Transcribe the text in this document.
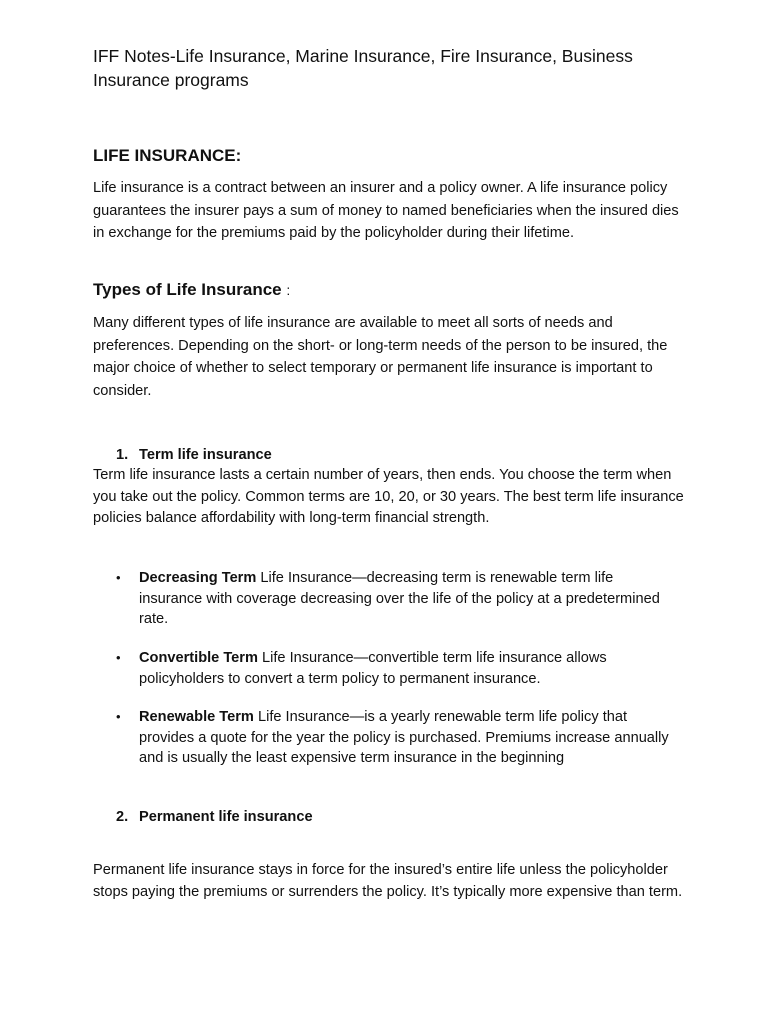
IFF Notes-Life Insurance, Marine Insurance, Fire Insurance, Business Insurance programs
LIFE INSURANCE:
Life insurance is a contract between an insurer and a policy owner. A life insurance policy guarantees the insurer pays a sum of money to named beneficiaries when the insured dies in exchange for the premiums paid by the policyholder during their lifetime.
Types of Life Insurance :
Many different types of life insurance are available to meet all sorts of needs and preferences. Depending on the short- or long-term needs of the person to be insured, the major choice of whether to select temporary or permanent life insurance is important to consider.
1. Term life insurance
Term life insurance lasts a certain number of years, then ends. You choose the term when you take out the policy. Common terms are 10, 20, or 30 years. The best term life insurance policies balance affordability with long-term financial strength.
• Decreasing Term Life Insurance—decreasing term is renewable term life insurance with coverage decreasing over the life of the policy at a predetermined rate.
• Convertible Term Life Insurance—convertible term life insurance allows policyholders to convert a term policy to permanent insurance.
• Renewable Term Life Insurance—is a yearly renewable term life policy that provides a quote for the year the policy is purchased. Premiums increase annually and is usually the least expensive term insurance in the beginning
2. Permanent life insurance
Permanent life insurance stays in force for the insured’s entire life unless the policyholder stops paying the premiums or surrenders the policy. It’s typically more expensive than term.
